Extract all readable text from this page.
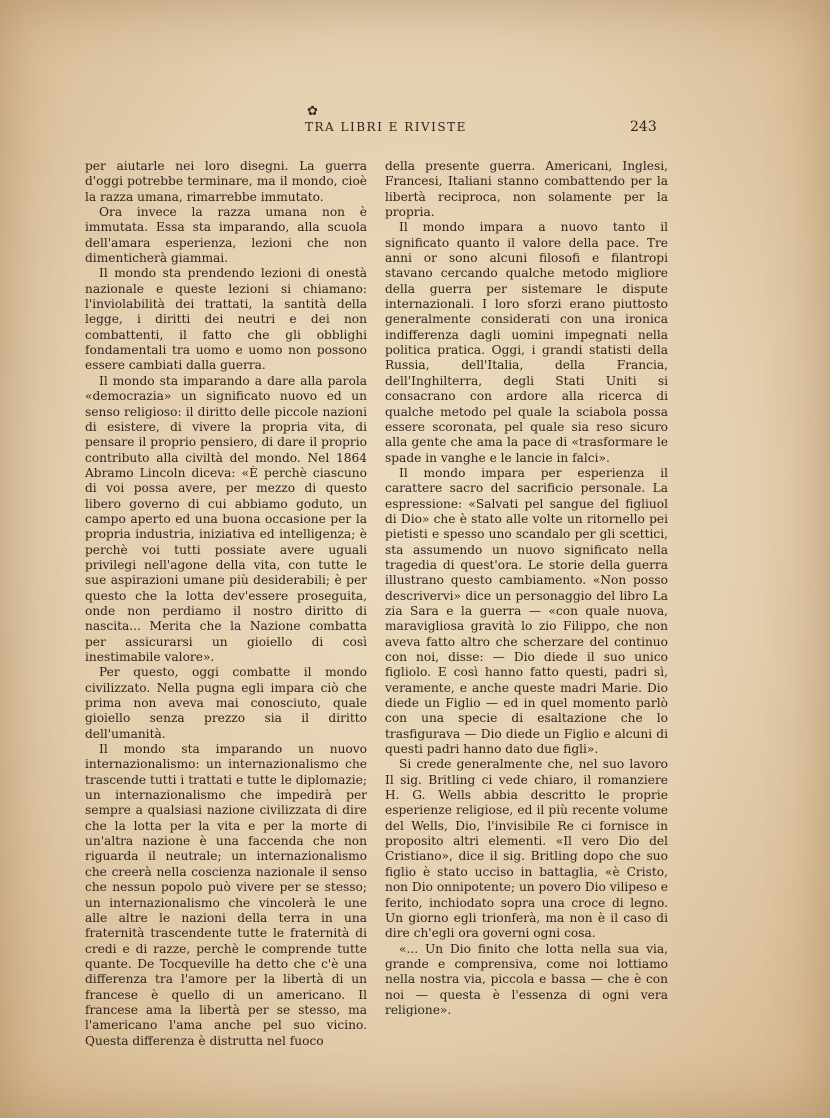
✿
TRA LIBRI E RIVISTE	243

per aiutarle nei loro disegni. La guerra d'oggi potrebbe terminare, ma il mondo, cioè la razza umana, rimarrebbe immutato.

Ora invece la razza umana non è immutata. Essa sta imparando, alla scuola dell'amara esperienza, lezioni che non dimenticherà giammai.

Il mondo sta prendendo lezioni di onestà nazionale e queste lezioni si chiamano: l'inviolabilità dei trattati, la santità della legge, i diritti dei neutri e dei non combattenti, il fatto che gli obblighi fondamentali tra uomo e uomo non possono essere cambiati dalla guerra.

Il mondo sta imparando a dare alla parola «democrazia» un significato nuovo ed un senso religioso: il diritto delle piccole nazioni di esistere, di vivere la propria vita, di pensare il proprio pensiero, di dare il proprio contributo alla civiltà del mondo. Nel 1864 Abramo Lincoln diceva: «È perchè ciascuno di voi possa avere, per mezzo di questo libero governo di cui abbiamo goduto, un campo aperto ed una buona occasione per la propria industria, iniziativa ed intelligenza; è perchè voi tutti possiate avere uguali privilegi nell'agone della vita, con tutte le sue aspirazioni umane più desiderabili; è per questo che la lotta dev'essere proseguita, onde non perdiamo il nostro diritto di nascita... Merita che la Nazione combatta per assicurarsi un gioiello di così inestimabile valore».

Per questo, oggi combatte il mondo civilizzato. Nella pugna egli impara ciò che prima non aveva mai conosciuto, quale gioiello senza prezzo sia il diritto dell'umanità.

Il mondo sta imparando un nuovo internazionalismo: un internazionalismo che trascende tutti i trattati e tutte le diplomazie; un internazionalismo che impedirà per sempre a qualsiasi nazione civilizzata di dire che la lotta per la vita e per la morte di un'altra nazione è una faccenda che non riguarda il neutrale; un internazionalismo che creerà nella coscienza nazionale il senso che nessun popolo può vivere per se stesso; un internazionalismo che vincolerà le une alle altre le nazioni della terra in una fraternità trascendente tutte le fraternità di credi e di razze, perchè le comprende tutte quante. De Tocqueville ha detto che c'è una differenza tra l'amore per la libertà di un francese è quello di un americano. Il francese ama la libertà per se stesso, ma l'americano l'ama anche pel suo vicino. Questa differenza è distrutta nel fuoco

della presente guerra. Americani, Inglesi, Francesi, Italiani stanno combattendo per la libertà reciproca, non solamente per la propria.

Il mondo impara a nuovo tanto il significato quanto il valore della pace. Tre anni or sono alcuni filosofi e filantropi stavano cercando qualche metodo migliore della guerra per sistemare le dispute internazionali. I loro sforzi erano piuttosto generalmente considerati con una ironica indifferenza dagli uomini impegnati nella politica pratica. Oggi, i grandi statisti della Russia, dell'Italia, della Francia, dell'Inghilterra, degli Stati Uniti si consacrano con ardore alla ricerca di qualche metodo pel quale la sciabola possa essere scoronata, pel quale sia reso sicuro alla gente che ama la pace di «trasformare le spade in vanghe e le lancie in falci».

Il mondo impara per esperienza il carattere sacro del sacrificio personale. La espressione: «Salvati pel sangue del figliuol di Dio» che è stato alle volte un ritornello pei pietisti e spesso uno scandalo per gli scettici, sta assumendo un nuovo significato nella tragedia di quest'ora. Le storie della guerra illustrano questo cambiamento. «Non posso descrivervi» dice un personaggio del libro La zia Sara e la guerra — «con quale nuova, maravigliosa gravità lo zio Filippo, che non aveva fatto altro che scherzare del continuo con noi, disse: — Dio diede il suo unico figliolo. E così hanno fatto questi, padri sì, veramente, e anche queste madri Marie. Dio diede un Figlio — ed in quel momento parlò con una specie di esaltazione che lo trasfigurava — Dio diede un Figlio e alcuni di questi padri hanno dato due figli».

Si crede generalmente che, nel suo lavoro Il sig. Britling ci vede chiaro, il romanziere H. G. Wells abbia descritto le proprie esperienze religiose, ed il più recente volume del Wells, Dio, l'invisibile Re ci fornisce in proposito altri elementi. «Il vero Dio del Cristiano», dice il sig. Britling dopo che suo figlio è stato ucciso in battaglia, «è Cristo, non Dio onnipotente; un povero Dio vilipeso e ferito, inchiodato sopra una croce di legno. Un giorno egli trionferà, ma non è il caso di dire ch'egli ora governi ogni cosa.

«... Un Dio finito che lotta nella sua via, grande e comprensiva, come noi lottiamo nella nostra via, piccola e bassa — che è con noi — questa è l'essenza di ogni vera religione».
